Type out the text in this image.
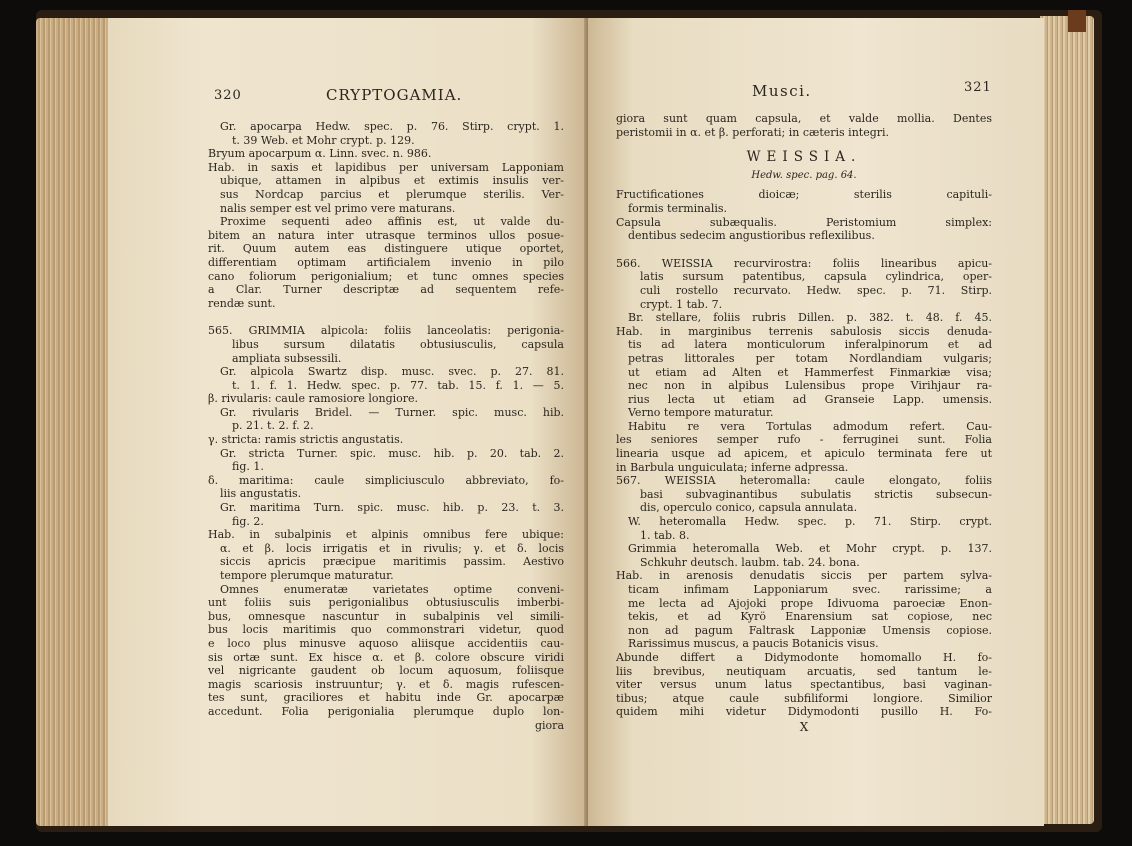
320	CRYPTOGAMIA.
Gr. apocarpa Hedw. spec. p. 76. Stirp. crypt. 1.
t. 39 Web. et Mohr crypt. p. 129.
Bryum apocarpum α. Linn. svec. n. 986.
Hab. in saxis et lapidibus per universam Lapponiam
ubique, attamen in alpibus et extimis insulis ver-
sus Nordcap parcius et plerumque sterilis. Ver-
nalis semper est vel primo vere maturans.
Proxime sequenti adeo affinis est, ut valde du-
bitem an natura inter utrasque terminos ullos posue-
rit. Quum autem eas distinguere utique oportet,
differentiam optimam artificialem invenio in pilo
cano foliorum perigonialium; et tunc omnes species
a Clar. Turner descriptæ ad sequentem refe-
rendæ sunt.
565. GRIMMIA alpicola: foliis lanceolatis: perigonia-
libus sursum dilatatis obtusiusculis, capsula
ampliata subsessili.
Gr. alpicola Swartz disp. musc. svec. p. 27. 81.
t. 1. f. 1. Hedw. spec. p. 77. tab. 15. f. 1. — 5.
β. rivularis: caule ramosiore longiore.
Gr. rivularis Bridel. — Turner. spic. musc. hib.
p. 21. t. 2. f. 2.
γ. stricta: ramis strictis angustatis.
Gr. stricta Turner. spic. musc. hib. p. 20. tab. 2.
fig. 1.
δ. maritima: caule simpliciusculo abbreviato, fo-
liis angustatis.
Gr. maritima Turn. spic. musc. hib. p. 23. t. 3.
fig. 2.
Hab. in subalpinis et alpinis omnibus fere ubique:
α. et β. locis irrigatis et in rivulis; γ. et δ. locis
siccis apricis præcipue maritimis passim. Aestivo
tempore plerumque maturatur.
Omnes enumeratæ varietates optime conveni-
unt foliis suis perigonialibus obtusiusculis imberbi-
bus, omnesque nascuntur in subalpinis vel simili-
bus locis maritimis quo commonstrari videtur, quod
e loco plus minusve aquoso aliisque accidentiis cau-
sis ortæ sunt. Ex hisce α. et β. colore obscure viridi
vel nigricante gaudent ob locum aquosum, foliisque
magis scariosis instruuntur; γ. et δ. magis rufescen-
tes sunt, graciliores et habitu inde Gr. apocarpæ
accedunt. Folia perigonialia plerumque duplo lon-
giora
Musci.	321
giora sunt quam capsula, et valde mollia. Dentes
peristomii in α. et β. perforati; in cæteris integri.
WEISSIA.
Hedw. spec. pag. 64.
Fructificationes dioicæ; sterilis capituli-
formis terminalis.
Capsula subæqualis. Peristomium simplex:
dentibus sedecim angustioribus reflexilibus.
566. WEISSIA recurvirostra: foliis linearibus apicu-
latis sursum patentibus, capsula cylindrica, oper-
culi rostello recurvato. Hedw. spec. p. 71. Stirp.
crypt. 1 tab. 7.
Br. stellare, foliis rubris Dillen. p. 382. t. 48. f. 45.
Hab. in marginibus terrenis sabulosis siccis denuda-
tis ad latera monticulorum inferalpinorum et ad
petras littorales per totam Nordlandiam vulgaris;
ut etiam ad Alten et Hammerfest Finmarkiæ visa;
nec non in alpibus Lulensibus prope Virihjaur ra-
rius lecta ut etiam ad Granseie Lapp. umensis.
Verno tempore maturatur.
Habitu re vera Tortulas admodum refert. Cau-
les seniores semper rufo - ferruginei sunt. Folia
linearia usque ad apicem, et apiculo terminata fere ut
in Barbula unguiculata; inferne adpressa.
567. WEISSIA heteromalla: caule elongato, foliis
basi subvaginantibus subulatis strictis subsecun-
dis, operculo conico, capsula annulata.
W. heteromalla Hedw. spec. p. 71. Stirp. crypt.
1. tab. 8.
Grimmia heteromalla Web. et Mohr crypt. p. 137.
Schkuhr deutsch. laubm. tab. 24. bona.
Hab. in arenosis denudatis siccis per partem sylva-
ticam infimam Lapponiarum svec. rarissime; a
me lecta ad Ajojoki prope Idivuoma paroeciæ Enon-
tekis, et ad Kyrö Enarensium sat copiose, nec
non ad pagum Faltrask Lapponiæ Umensis copiose.
Rarissimus muscus, a paucis Botanicis visus.
Abunde differt a Didymodonte homomallo H. fo-
liis brevibus, neutiquam arcuatis, sed tantum le-
viter versus unum latus spectantibus, basi vaginan-
tibus; atque caule subfiliformi longiore. Similior
quidem mihi videtur Didymodonti pusillo H. Fo-
X
